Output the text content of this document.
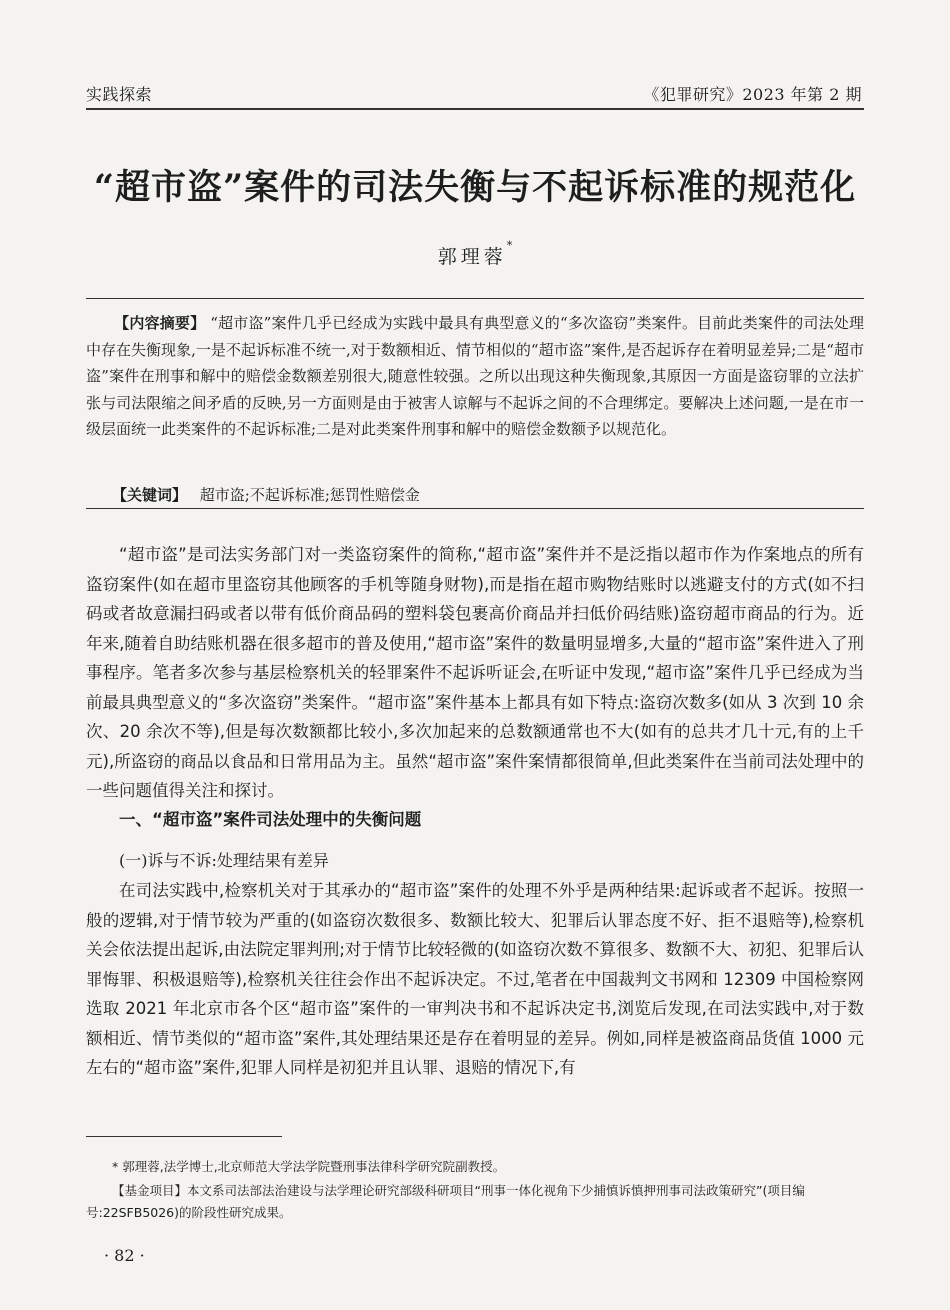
实践探索	《犯罪研究》2023 年第 2 期
“超市盗”案件的司法失衡与不起诉标准的规范化
郭理蓉*
【内容摘要】 “超市盗”案件几乎已经成为实践中最具有典型意义的“多次盗窃”类案件。目前此类案件的司法处理中存在失衡现象,一是不起诉标准不统一,对于数额相近、情节相似的“超市盗”案件,是否起诉存在着明显差异;二是“超市盗”案件在刑事和解中的赔偿金数额差别很大,随意性较强。之所以出现这种失衡现象,其原因一方面是盗窃罪的立法扩张与司法限缩之间矛盾的反映,另一方面则是由于被害人谅解与不起诉之间的不合理绑定。要解决上述问题,一是在市一级层面统一此类案件的不起诉标准;二是对此类案件刑事和解中的赔偿金数额予以规范化。
【关键词】 超市盗;不起诉标准;惩罚性赔偿金
“超市盗”是司法实务部门对一类盗窃案件的简称,“超市盗”案件并不是泛指以超市作为作案地点的所有盗窃案件(如在超市里盗窃其他顾客的手机等随身财物),而是指在超市购物结账时以逃避支付的方式(如不扫码或者故意漏扫码或者以带有低价商品码的塑料袋包裹高价商品并扫低价码结账)盗窃超市商品的行为。近年来,随着自助结账机器在很多超市的普及使用,“超市盗”案件的数量明显增多,大量的“超市盗”案件进入了刑事程序。笔者多次参与基层检察机关的轻罪案件不起诉听证会,在听证中发现,“超市盗”案件几乎已经成为当前最具典型意义的“多次盗窃”类案件。“超市盗”案件基本上都具有如下特点:盗窃次数多(如从 3 次到 10 余次、20 余次不等),但是每次数额都比较小,多次加起来的总数额通常也不大(如有的总共才几十元,有的上千元),所盗窃的商品以食品和日常用品为主。虽然“超市盗”案件案情都很简单,但此类案件在当前司法处理中的一些问题值得关注和探讨。
一、“超市盗”案件司法处理中的失衡问题
(一)诉与不诉:处理结果有差异
在司法实践中,检察机关对于其承办的“超市盗”案件的处理不外乎是两种结果:起诉或者不起诉。按照一般的逻辑,对于情节较为严重的(如盗窃次数很多、数额比较大、犯罪后认罪态度不好、拒不退赔等),检察机关会依法提出起诉,由法院定罪判刑;对于情节比较轻微的(如盗窃次数不算很多、数额不大、初犯、犯罪后认罪悔罪、积极退赔等),检察机关往往会作出不起诉决定。不过,笔者在中国裁判文书网和 12309 中国检察网选取 2021 年北京市各个区“超市盗”案件的一审判决书和不起诉决定书,浏览后发现,在司法实践中,对于数额相近、情节类似的“超市盗”案件,其处理结果还是存在着明显的差异。例如,同样是被盗商品货值 1000 元左右的“超市盗”案件,犯罪人同样是初犯并且认罪、退赔的情况下,有
* 郭理蓉,法学博士,北京师范大学法学院暨刑事法律科学研究院副教授。
【基金项目】本文系司法部法治建设与法学理论研究部级科研项目“刑事一体化视角下少捕慎诉慎押刑事司法政策研究”(项目编号:22SFB5026)的阶段性研究成果。
· 82 ·
